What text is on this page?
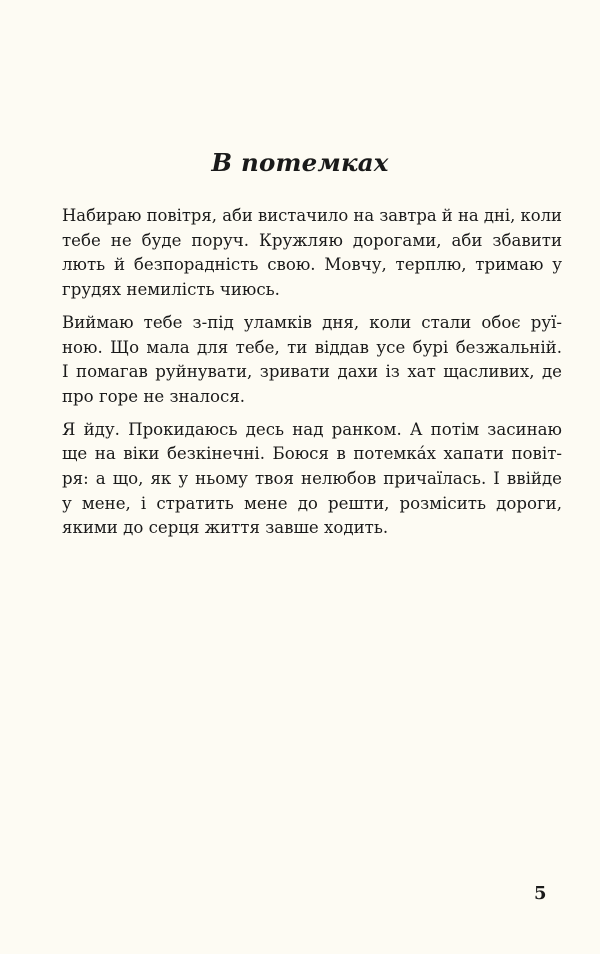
В потемках

Набираю повітря, аби вистачило на завтра й на дні, коли
тебе не буде поруч. Кружляю дорогами, аби збавити
лють й безпорадність свою. Мовчу, терплю, тримаю у
грудях немилість чиюсь.

Виймаю тебе з-під уламків дня, коли стали обоє руї-
ною. Що мала для тебе, ти віддав усе бурі безжальній.
І помагав руйнувати, зривати дахи із хат щасливих, де
про горе не зналося.

Я йду. Прокидаюсь десь над ранком. А потім засинаю
ще на віки безкінечні. Боюся в потемка́х хапати повіт-
ря: а що, як у ньому твоя нелюбов причаїлась. І ввійде
у мене, і стратить мене до решти, розмісить дороги,
якими до серця життя завше ходить.

5
